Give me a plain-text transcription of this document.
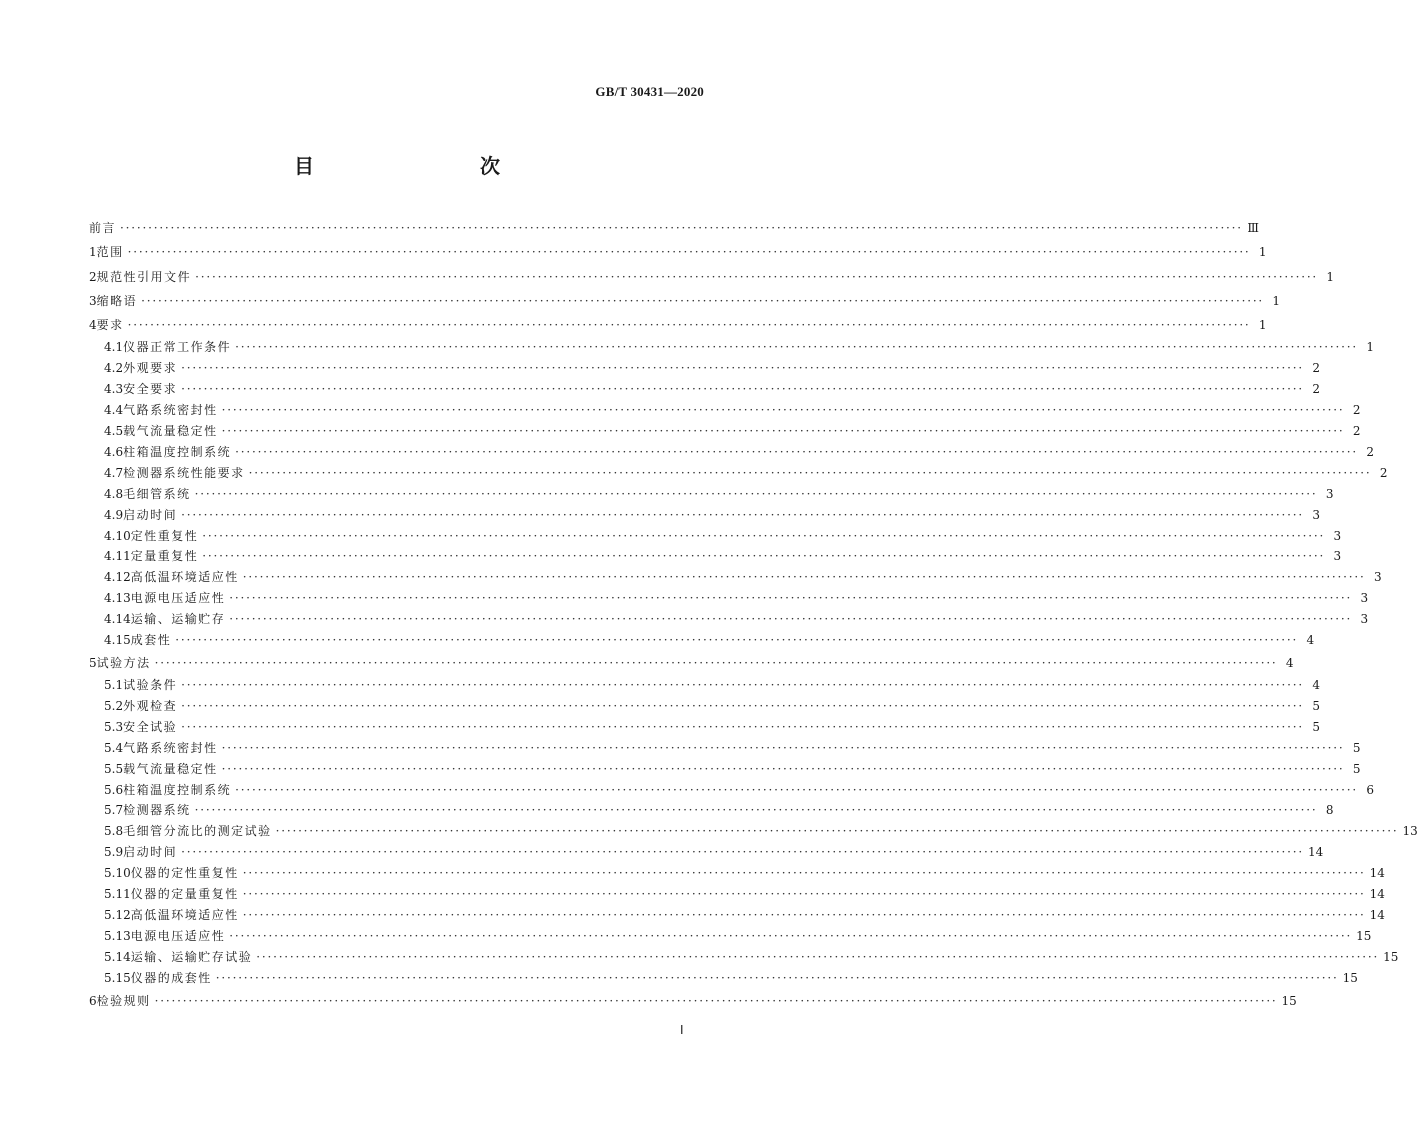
GB/T 30431—2020
目　　次
前言 ········································································································································································································ Ⅲ
1 范围 ········································································································································································································ 1
2 规范性引用文件 ········································································································································································································ 1
3 缩略语 ········································································································································································································ 1
4 要求 ········································································································································································································ 1
4.1 仪器正常工作条件 ········································································································································································································ 1
4.2 外观要求 ········································································································································································································ 2
4.3 安全要求 ········································································································································································································ 2
4.4 气路系统密封性 ········································································································································································································ 2
4.5 载气流量稳定性 ········································································································································································································ 2
4.6 柱箱温度控制系统 ········································································································································································································ 2
4.7 检测器系统性能要求 ········································································································································································································ 2
4.8 毛细管系统 ········································································································································································································ 3
4.9 启动时间 ········································································································································································································ 3
4.10 定性重复性 ········································································································································································································ 3
4.11 定量重复性 ········································································································································································································ 3
4.12 高低温环境适应性 ········································································································································································································ 3
4.13 电源电压适应性 ········································································································································································································ 3
4.14 运输、运输贮存 ········································································································································································································ 3
4.15 成套性 ········································································································································································································ 4
5 试验方法 ········································································································································································································ 4
5.1 试验条件 ········································································································································································································ 4
5.2 外观检查 ········································································································································································································ 5
5.3 安全试验 ········································································································································································································ 5
5.4 气路系统密封性 ········································································································································································································ 5
5.5 载气流量稳定性 ········································································································································································································ 5
5.6 柱箱温度控制系统 ········································································································································································································ 6
5.7 检测器系统 ········································································································································································································ 8
5.8 毛细管分流比的测定试验 ········································································································································································································ 13
5.9 启动时间 ········································································································································································································ 14
5.10 仪器的定性重复性 ········································································································································································································ 14
5.11 仪器的定量重复性 ········································································································································································································ 14
5.12 高低温环境适应性 ········································································································································································································ 14
5.13 电源电压适应性 ········································································································································································································ 15
5.14 运输、运输贮存试验 ········································································································································································································ 15
5.15 仪器的成套性 ········································································································································································································ 15
6 检验规则 ········································································································································································································ 15
Ⅰ
